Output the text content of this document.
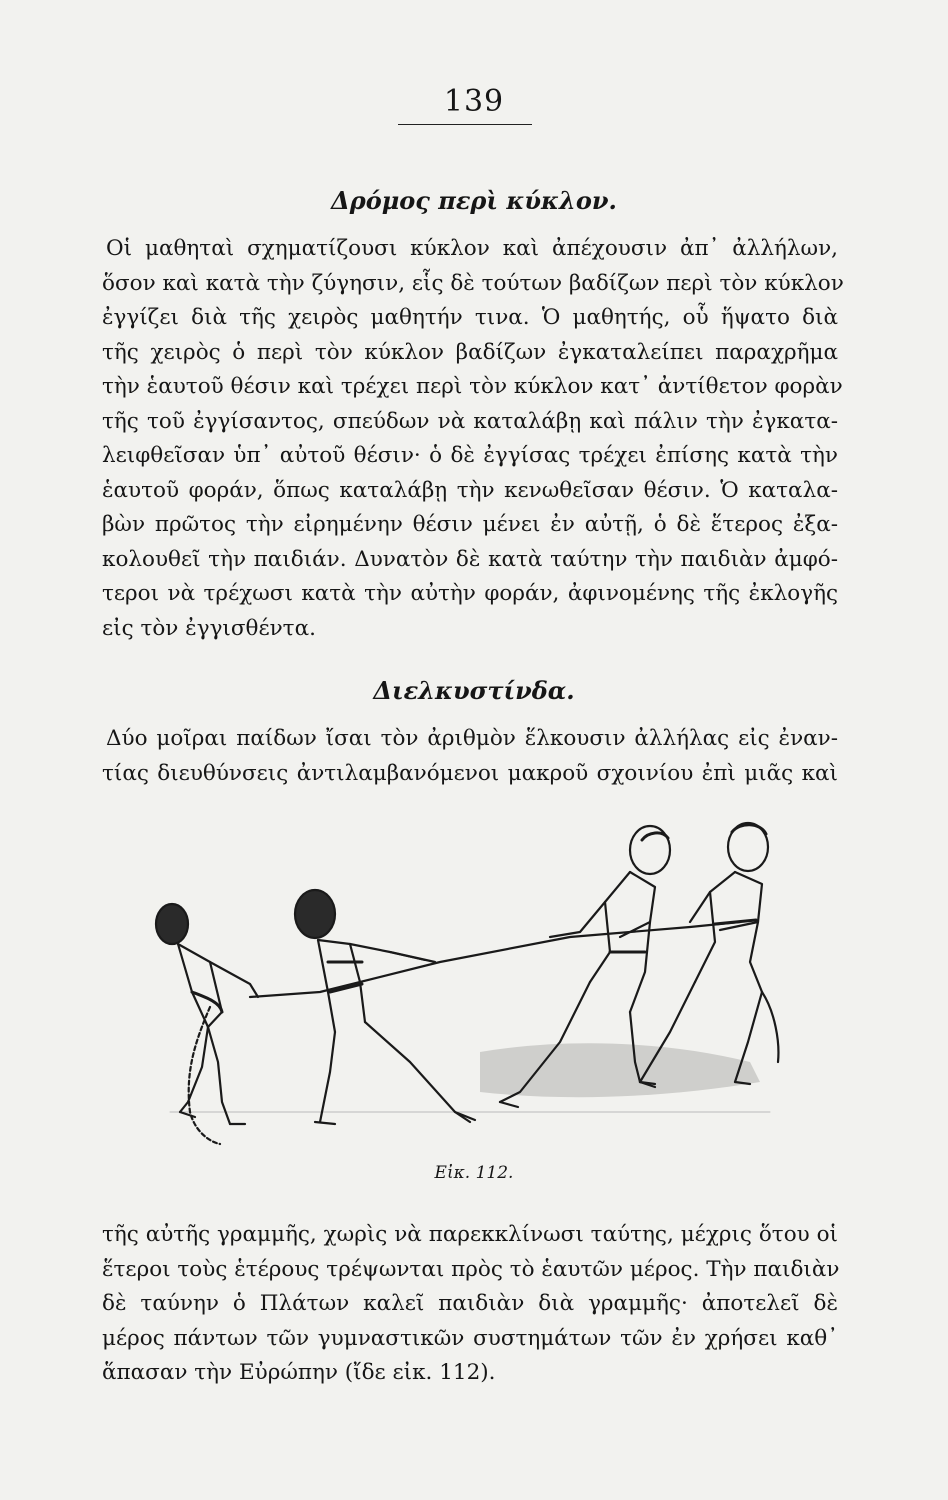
139
Δρόμος περὶ κύκλον.
Οἱ μαθηταὶ σχηματίζουσι κύκλον καὶ ἀπέχουσιν ἀπ᾽ ἀλλήλων,
ὅσον καὶ κατὰ τὴν ζύγησιν, εἷς δὲ τούτων βαδίζων περὶ τὸν κύκλον
ἐγγίζει διὰ τῆς χειρὸς μαθητήν τινα. Ὁ μαθητής, οὗ ἥψατο διὰ
τῆς χειρὸς ὁ περὶ τὸν κύκλον βαδίζων ἐγκαταλείπει παραχρῆμα
τὴν ἑαυτοῦ θέσιν καὶ τρέχει περὶ τὸν κύκλον κατ᾽ ἀντίθετον φορὰν
τῆς τοῦ ἐγγίσαντος, σπεύδων νὰ καταλάβῃ καὶ πάλιν τὴν ἐγκατα-
λειφθεῖσαν ὑπ᾽ αὐτοῦ θέσιν· ὁ δὲ ἐγγίσας τρέχει ἐπίσης κατὰ τὴν
ἑαυτοῦ φοράν, ὅπως καταλάβῃ τὴν κενωθεῖσαν θέσιν. Ὁ καταλα-
βὼν πρῶτος τὴν εἰρημένην θέσιν μένει ἐν αὐτῇ, ὁ δὲ ἕτερος ἐξα-
κολουθεῖ τὴν παιδιάν. Δυνατὸν δὲ κατὰ ταύτην τὴν παιδιὰν ἀμφό-
τεροι νὰ τρέχωσι κατὰ τὴν αὐτὴν φοράν, ἀφινομένης τῆς ἐκλογῆς
εἰς τὸν ἐγγισθέντα.
Διελκυστίνδα.
Δύο μοῖραι παίδων ἴσαι τὸν ἀριθμὸν ἕλκουσιν ἀλλήλας εἰς ἐναν-
τίας διευθύνσεις ἀντιλαμβανόμενοι μακροῦ σχοινίου ἐπὶ μιᾶς καὶ
Εἰκ. 112.
τῆς αὐτῆς γραμμῆς, χωρὶς νὰ παρεκκλίνωσι ταύτης, μέχρις ὅτου οἱ
ἕτεροι τοὺς ἑτέρους τρέψωνται πρὸς τὸ ἑαυτῶν μέρος. Τὴν παιδιὰν
δὲ ταύνην ὁ Πλάτων καλεῖ παιδιὰν διὰ γραμμῆς· ἀποτελεῖ δὲ
μέρος πάντων τῶν γυμναστικῶν συστημάτων τῶν ἐν χρήσει καθ᾽
ἅπασαν τὴν Εὐρώπην (ἴδε εἰκ. 112).
